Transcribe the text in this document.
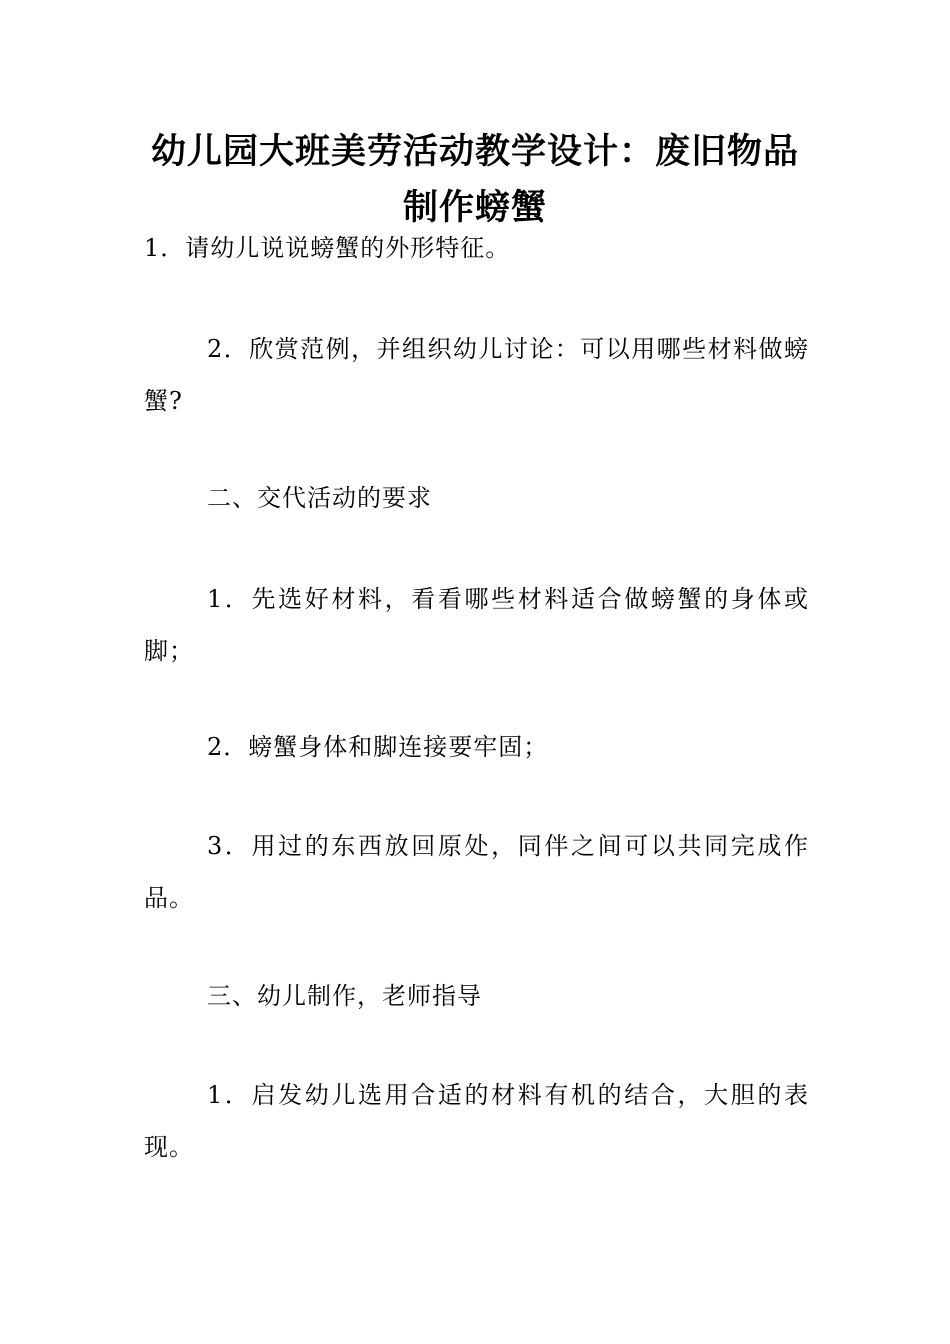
幼儿园大班美劳活动教学设计：废旧物品制作螃蟹

1．请幼儿说说螃蟹的外形特征。

2．欣赏范例，并组织幼儿讨论：可以用哪些材料做螃蟹?

二、交代活动的要求

1．先选好材料，看看哪些材料适合做螃蟹的身体或脚；

2．螃蟹身体和脚连接要牢固；

3．用过的东西放回原处，同伴之间可以共同完成作品。

三、幼儿制作，老师指导

1．启发幼儿选用合适的材料有机的结合，大胆的表现。
